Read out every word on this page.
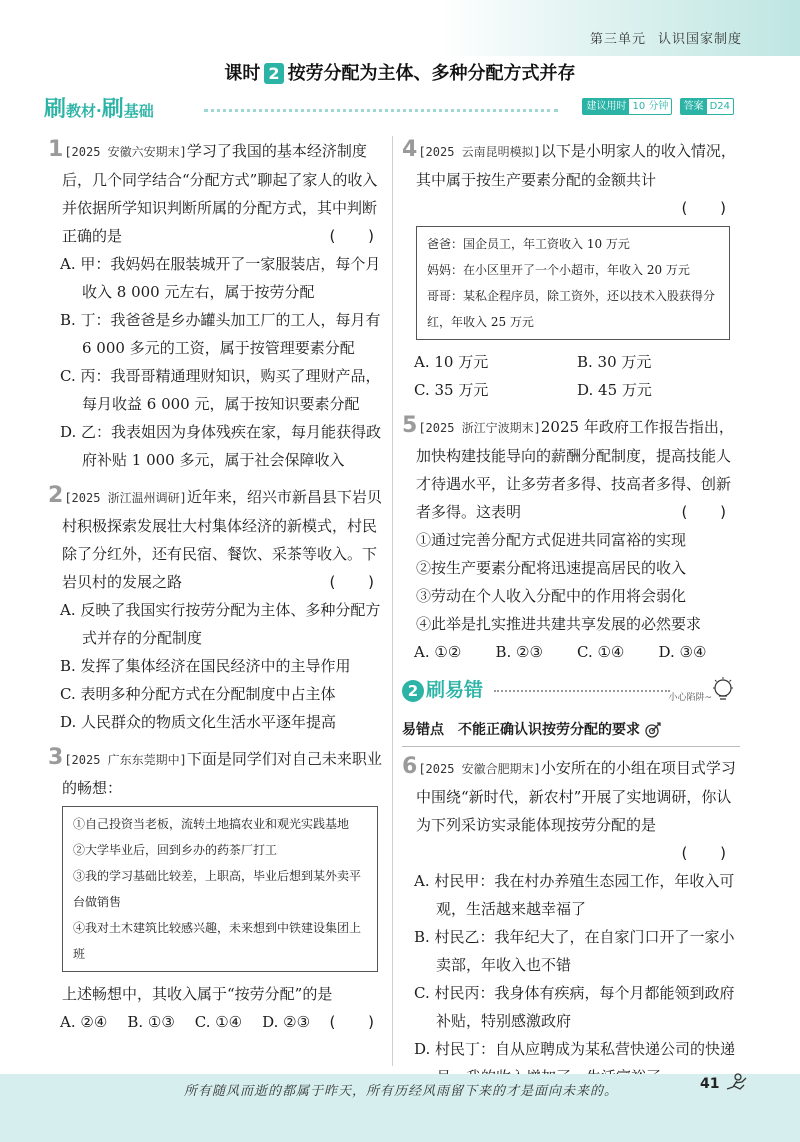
第三单元 认识国家制度
课时 2 按劳分配为主体、多种分配方式并存
刷教材·刷基础	建议用时 10 分钟 答案 D24
1[2025 安徽六安期末]学习了我国的基本经济制度后，几个同学结合“分配方式”聊起了家人的收入并依据所学知识判断所属的分配方式，其中判断正确的是	( )
A. 甲：我妈妈在服装城开了一家服装店，每个月收入 8 000 元左右，属于按劳分配
B. 丁：我爸爸是乡办罐头加工厂的工人，每月有 6 000 多元的工资，属于按管理要素分配
C. 丙：我哥哥精通理财知识，购买了理财产品，每月收益 6 000 元，属于按知识要素分配
D. 乙：我表姐因为身体残疾在家，每月能获得政府补贴 1 000 多元，属于社会保障收入
2[2025 浙江温州调研]近年来，绍兴市新昌县下岩贝村积极探索发展壮大村集体经济的新模式，村民除了分红外，还有民宿、餐饮、采茶等收入。下岩贝村的发展之路	( )
A. 反映了我国实行按劳分配为主体、多种分配方式并存的分配制度
B. 发挥了集体经济在国民经济中的主导作用
C. 表明多种分配方式在分配制度中占主体
D. 人民群众的物质文化生活水平逐年提高
3[2025 广东东莞期中]下面是同学们对自己未来职业的畅想：
①自己投资当老板，流转土地搞农业和观光实践基地
②大学毕业后，回到乡办的药茶厂打工
③我的学习基础比较差，上职高，毕业后想到某外卖平台做销售
④我对土木建筑比较感兴趣，未来想到中铁建设集团上班
上述畅想中，其收入属于“按劳分配”的是
( )
A. ②④	B. ①③	C. ①④	D. ②③
4[2025 云南昆明模拟]以下是小明家人的收入情况，其中属于按生产要素分配的金额共计
( )
爸爸：国企员工，年工资收入 10 万元
妈妈：在小区里开了一个小超市，年收入 20 万元
哥哥：某私企程序员，除工资外，还以技术入股获得分红，年收入 25 万元
A. 10 万元	B. 30 万元
C. 35 万元	D. 45 万元
5[2025 浙江宁波期末]2025 年政府工作报告指出，加快构建技能导向的薪酬分配制度，提高技能人才待遇水平，让多劳者多得、技高者多得、创新者多得。这表明	( )
①通过完善分配方式促进共同富裕的实现
②按生产要素分配将迅速提高居民的收入
③劳动在个人收入分配中的作用将会弱化
④此举是扎实推进共建共享发展的必然要求
A. ①②	B. ②③	C. ①④	D. ③④
2 刷易错	小心陷阱~
易错点 不能正确认识按劳分配的要求
6[2025 安徽合肥期末]小安所在的小组在项目式学习中围绕“新时代，新农村”开展了实地调研，你认为下列采访实录能体现按劳分配的是
( )
A. 村民甲：我在村办养殖生态园工作，年收入可观，生活越来越幸福了
B. 村民乙：我年纪大了，在自家门口开了一家小卖部，年收入也不错
C. 村民丙：我身体有疾病，每个月都能领到政府补贴，特别感激政府
D. 村民丁：自从应聘成为某私营快递公司的快递
所有随风而逝的都属于昨天，所有历经风雨留下来的才是面向未来的。	41
